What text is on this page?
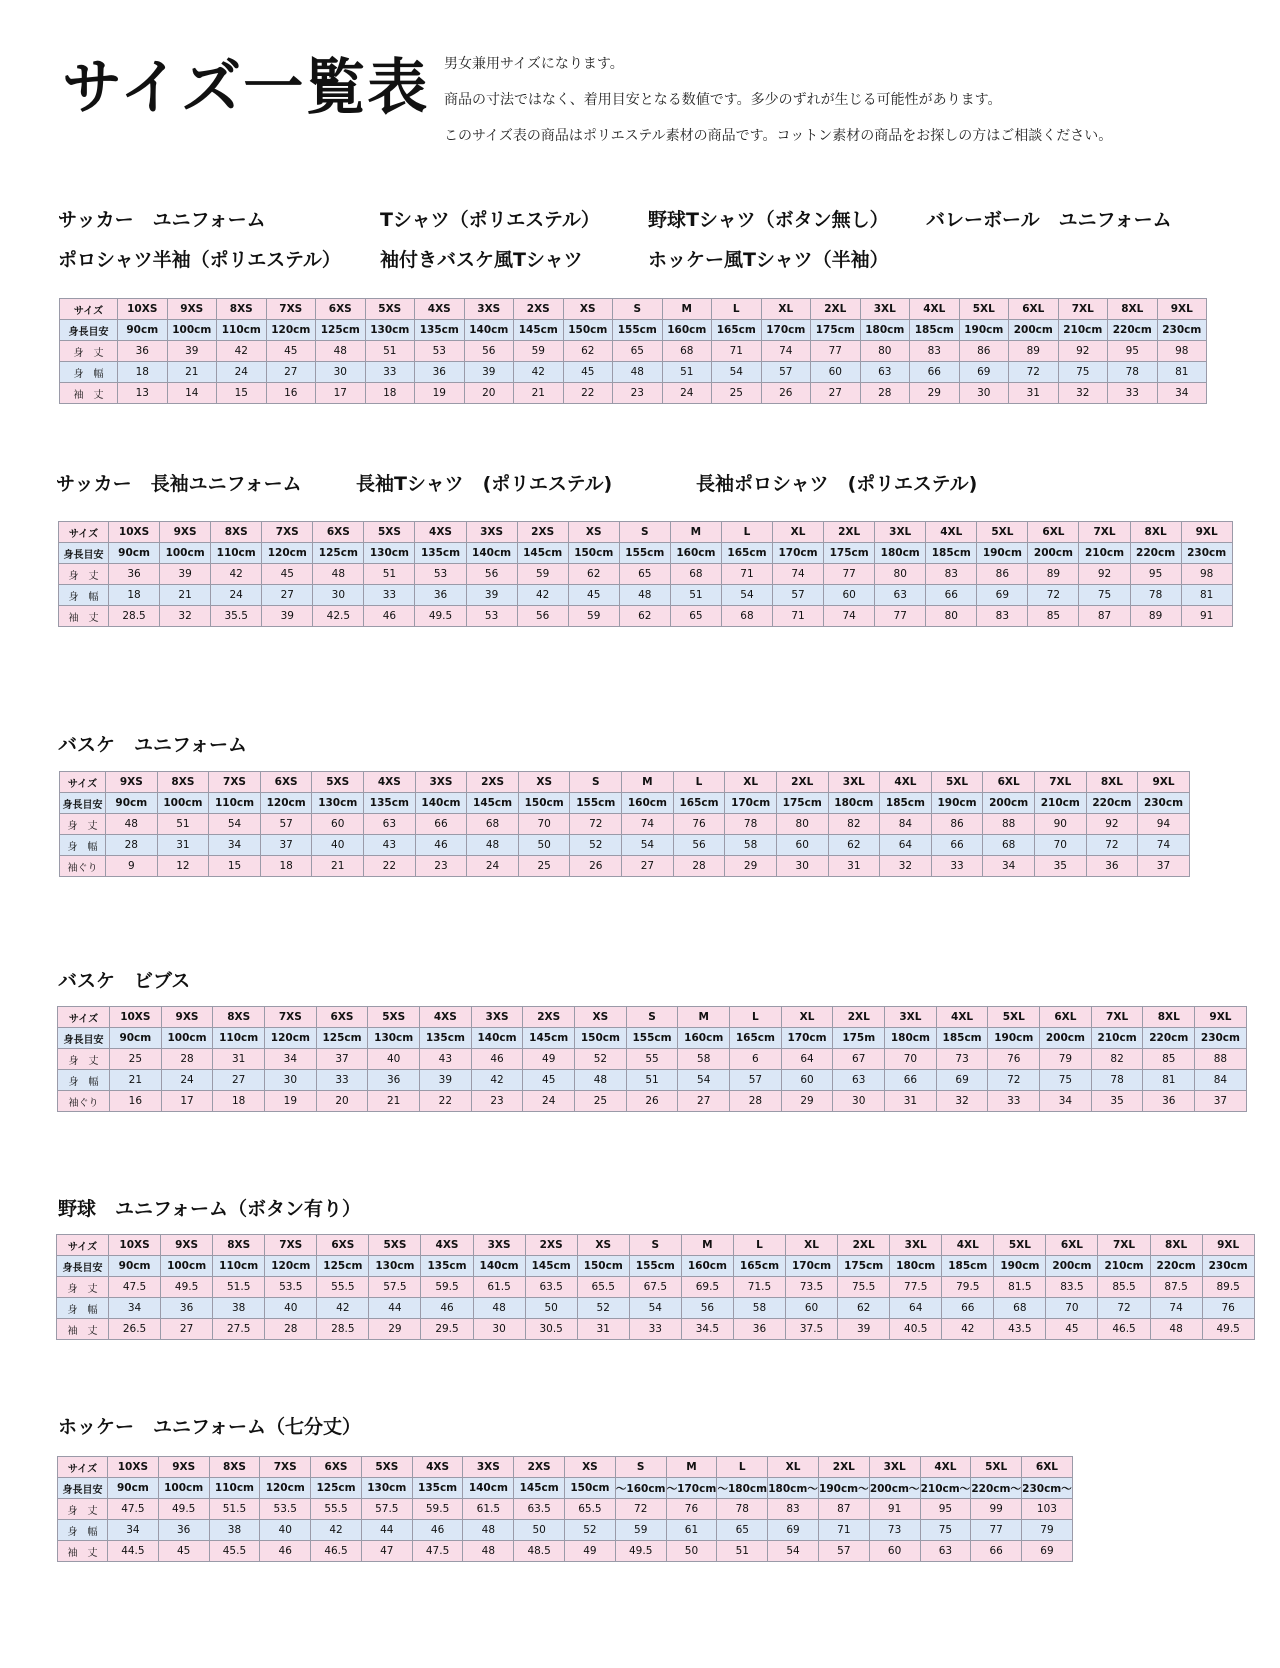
サイズ一覧表 男女兼用サイズになります。
商品の寸法ではなく、着用目安となる数値です。多少のずれが生じる可能性があります。
このサイズ表の商品はポリエステル素材の商品です。コットン素材の商品をお探しの方はご相談ください。
サッカー　ユニフォーム	Tシャツ（ポリエステル）	野球Tシャツ（ボタン無し）	バレーボール　ユニフォーム
ポロシャツ半袖（ポリエステル）	袖付きバスケ風Tシャツ	ホッケー風Tシャツ（半袖）
サイズ	10XS	9XS	8XS	7XS	6XS	5XS	4XS	3XS	2XS	XS	S	M	L	XL	2XL	3XL	4XL	5XL	6XL	7XL	8XL	9XL
身長目安	90cm	100cm	110cm	120cm	125cm	130cm	135cm	140cm	145cm	150cm	155cm	160cm	165cm	170cm	175cm	180cm	185cm	190cm	200cm	210cm	220cm	230cm
身　丈	36	39	42	45	48	51	53	56	59	62	65	68	71	74	77	80	83	86	89	92	95	98
身　幅	18	21	24	27	30	33	36	39	42	45	48	51	54	57	60	63	66	69	72	75	78	81
袖　丈	13	14	15	16	17	18	19	20	21	22	23	24	25	26	27	28	29	30	31	32	33	34
サッカー　長袖ユニフォーム	長袖Tシャツ　(ポリエステル)	長袖ポロシャツ　(ポリエステル)
サイズ	10XS	9XS	8XS	7XS	6XS	5XS	4XS	3XS	2XS	XS	S	M	L	XL	2XL	3XL	4XL	5XL	6XL	7XL	8XL	9XL
身長目安	90cm	100cm	110cm	120cm	125cm	130cm	135cm	140cm	145cm	150cm	155cm	160cm	165cm	170cm	175cm	180cm	185cm	190cm	200cm	210cm	220cm	230cm
身　丈	36	39	42	45	48	51	53	56	59	62	65	68	71	74	77	80	83	86	89	92	95	98
身　幅	18	21	24	27	30	33	36	39	42	45	48	51	54	57	60	63	66	69	72	75	78	81
袖　丈	28.5	32	35.5	39	42.5	46	49.5	53	56	59	62	65	68	71	74	77	80	83	85	87	89	91
バスケ　ユニフォーム
サイズ	9XS	8XS	7XS	6XS	5XS	4XS	3XS	2XS	XS	S	M	L	XL	2XL	3XL	4XL	5XL	6XL	7XL	8XL	9XL
身長目安	90cm	100cm	110cm	120cm	130cm	135cm	140cm	145cm	150cm	155cm	160cm	165cm	170cm	175cm	180cm	185cm	190cm	200cm	210cm	220cm	230cm
身　丈	48	51	54	57	60	63	66	68	70	72	74	76	78	80	82	84	86	88	90	92	94
身　幅	28	31	34	37	40	43	46	48	50	52	54	56	58	60	62	64	66	68	70	72	74
袖ぐり	9	12	15	18	21	22	23	24	25	26	27	28	29	30	31	32	33	34	35	36	37
バスケ　ビブス
サイズ	10XS	9XS	8XS	7XS	6XS	5XS	4XS	3XS	2XS	XS	S	M	L	XL	2XL	3XL	4XL	5XL	6XL	7XL	8XL	9XL
身長目安	90cm	100cm	110cm	120cm	125cm	130cm	135cm	140cm	145cm	150cm	155cm	160cm	165cm	170cm	175m	180cm	185cm	190cm	200cm	210cm	220cm	230cm
身　丈	25	28	31	34	37	40	43	46	49	52	55	58	6	64	67	70	73	76	79	82	85	88
身　幅	21	24	27	30	33	36	39	42	45	48	51	54	57	60	63	66	69	72	75	78	81	84
袖ぐり	16	17	18	19	20	21	22	23	24	25	26	27	28	29	30	31	32	33	34	35	36	37
野球　ユニフォーム（ボタン有り）
サイズ	10XS	9XS	8XS	7XS	6XS	5XS	4XS	3XS	2XS	XS	S	M	L	XL	2XL	3XL	4XL	5XL	6XL	7XL	8XL	9XL
身長目安	90cm	100cm	110cm	120cm	125cm	130cm	135cm	140cm	145cm	150cm	155cm	160cm	165cm	170cm	175cm	180cm	185cm	190cm	200cm	210cm	220cm	230cm
身　丈	47.5	49.5	51.5	53.5	55.5	57.5	59.5	61.5	63.5	65.5	67.5	69.5	71.5	73.5	75.5	77.5	79.5	81.5	83.5	85.5	87.5	89.5
身　幅	34	36	38	40	42	44	46	48	50	52	54	56	58	60	62	64	66	68	70	72	74	76
袖　丈	26.5	27	27.5	28	28.5	29	29.5	30	30.5	31	33	34.5	36	37.5	39	40.5	42	43.5	45	46.5	48	49.5
ホッケー　ユニフォーム（七分丈）
サイズ	10XS	9XS	8XS	7XS	6XS	5XS	4XS	3XS	2XS	XS	S	M	L	XL	2XL	3XL	4XL	5XL	6XL
身長目安	90cm	100cm	110cm	120cm	125cm	130cm	135cm	140cm	145cm	150cm	～160cm	～170cm	～180cm	180cm～	190cm～	200cm～	210cm～	220cm～	230cm～
身　丈	47.5	49.5	51.5	53.5	55.5	57.5	59.5	61.5	63.5	65.5	72	76	78	83	87	91	95	99	103
身　幅	34	36	38	40	42	44	46	48	50	52	59	61	65	69	71	73	75	77	79
袖　丈	44.5	45	45.5	46	46.5	47	47.5	48	48.5	49	49.5	50	51	54	57	60	63	66	69
